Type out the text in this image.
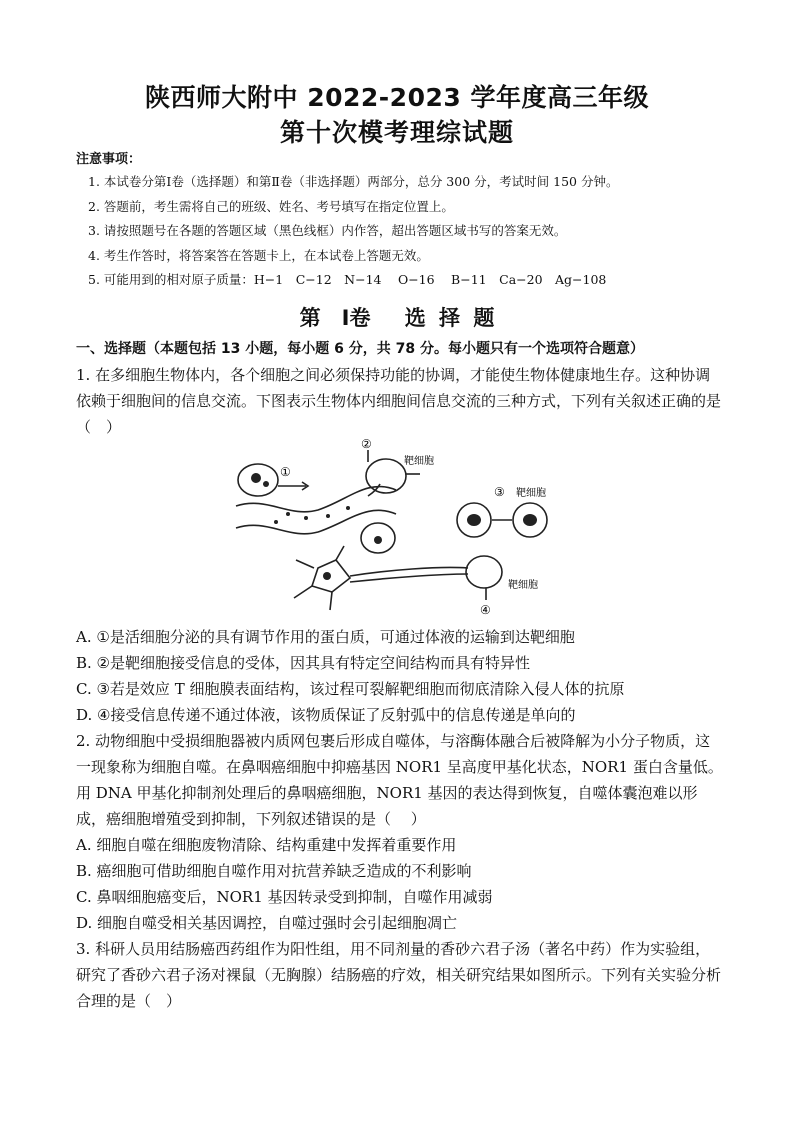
陕西师大附中 2022-2023 学年度高三年级
第十次模考理综试题
注意事项：
1. 本试卷分第Ⅰ卷（选择题）和第Ⅱ卷（非选择题）两部分，总分 300 分，考试时间 150 分钟。
2. 答题前，考生需将自己的班级、姓名、考号填写在指定位置上。
3. 请按照题号在各题的答题区域（黑色线框）内作答，超出答题区域书写的答案无效。
4. 考生作答时，将答案答在答题卡上，在本试卷上答题无效。
5. 可能用到的相对原子质量：H−1　C−12　N−14　 O−16　 B−11　Ca−20　Ag−108
第　Ⅰ卷　 选 择 题
一、选择题（本题包括 13 小题，每小题 6 分，共 78 分。每小题只有一个选项符合题意）

1. 在多细胞生物体内，各个细胞之间必须保持功能的协调，才能使生物体健康地生存。这种协调依赖于细胞间的信息交流。下图表示生物体内细胞间信息交流的三种方式，下列有关叙述正确的是（　）

①
②
③
④
靶细胞
靶细胞
靶细胞
A. ①是活细胞分泌的具有调节作用的蛋白质，可通过体液的运输到达靶细胞
B. ②是靶细胞接受信息的受体，因其具有特定空间结构而具有特异性
C. ③若是效应 T 细胞膜表面结构，该过程可裂解靶细胞而彻底清除入侵人体的抗原
D. ④接受信息传递不通过体液，该物质保证了反射弧中的信息传递是单向的

2. 动物细胞中受损细胞器被内质网包裹后形成自噬体，与溶酶体融合后被降解为小分子物质，这一现象称为细胞自噬。在鼻咽癌细胞中抑癌基因 NOR1 呈高度甲基化状态，NOR1 蛋白含量低。用 DNA 甲基化抑制剂处理后的鼻咽癌细胞，NOR1 基因的表达得到恢复，自噬体囊泡难以形成，癌细胞增殖受到抑制，下列叙述错误的是（　 ）

A. 细胞自噬在细胞废物清除、结构重建中发挥着重要作用
B. 癌细胞可借助细胞自噬作用对抗营养缺乏造成的不利影响
C. 鼻咽细胞癌变后，NOR1 基因转录受到抑制，自噬作用减弱
D. 细胞自噬受相关基因调控，自噬过强时会引起细胞凋亡

3. 科研人员用结肠癌西药组作为阳性组，用不同剂量的香砂六君子汤（著名中药）作为实验组，研究了香砂六君子汤对裸鼠（无胸腺）结肠癌的疗效，相关研究结果如图所示。下列有关实验分析合理的是（　）
